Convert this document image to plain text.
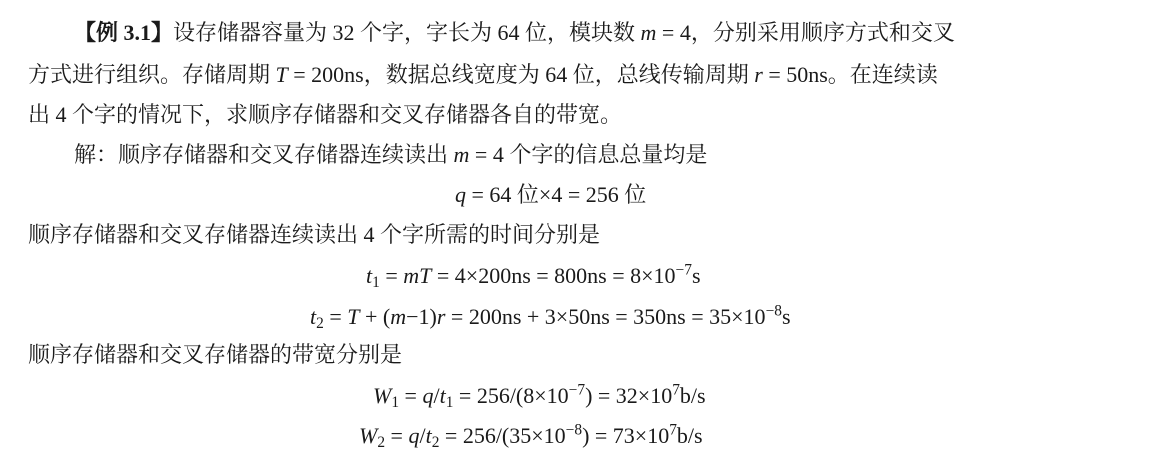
【例 3.1】设存储器容量为 32 个字，字长为 64 位，模块数 m = 4，分别采用顺序方式和交叉
方式进行组织。存储周期 T = 200ns，数据总线宽度为 64 位，总线传输周期 r = 50ns。在连续读
出 4 个字的情况下，求顺序存储器和交叉存储器各自的带宽。
解：顺序存储器和交叉存储器连续读出 m = 4 个字的信息总量均是
q = 64 位×4 = 256 位
顺序存储器和交叉存储器连续读出 4 个字所需的时间分别是
$t_1$ = mT = $4\times 200ns = 800ns = 8\times 10^{-7}s$
$t_2 = T + (m-1)r = 200ns + 3\times 50ns = 350ns = 35\times 10^{-8}s$
顺序存储器和交叉存储器的带宽分别是
$W_1 = q/t_1 = 256/(8\times 10^{-7}) = 32\times 10^7b/s$
$W_2 = q/t_2 = 256/(35\times 10^{-8}) = 73\times 10^7b/s$
